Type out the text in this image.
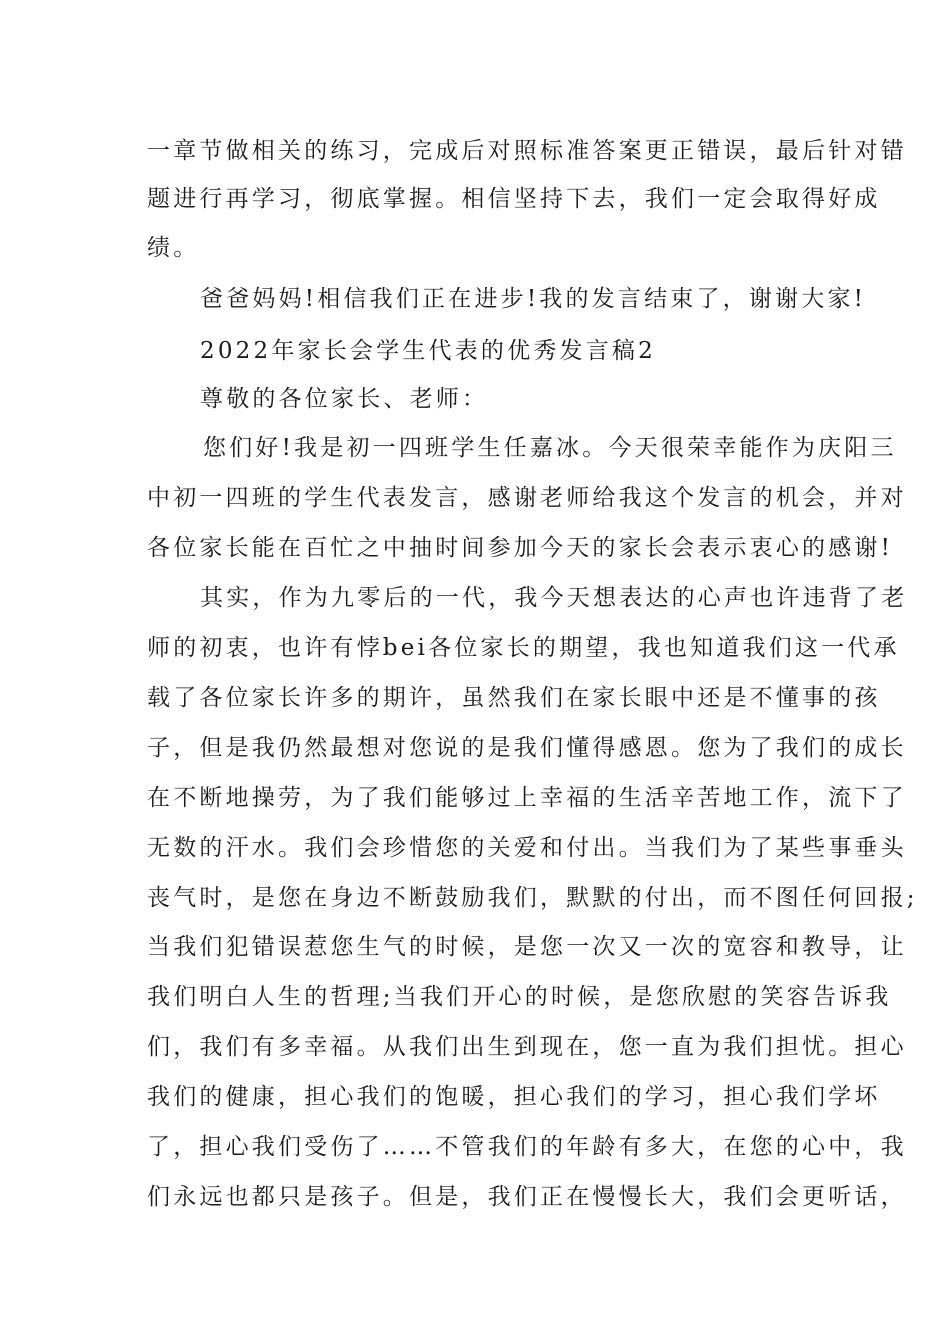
一章节做相关的练习，完成后对照标准答案更正错误，最后针对错
题进行再学习，彻底掌握。相信坚持下去，我们一定会取得好成
绩。
爸爸妈妈!相信我们正在进步!我的发言结束了，谢谢大家!
2022年家长会学生代表的优秀发言稿2
尊敬的各位家长、老师：
您们好!我是初一四班学生任嘉冰。今天很荣幸能作为庆阳三
中初一四班的学生代表发言，感谢老师给我这个发言的机会，并对
各位家长能在百忙之中抽时间参加今天的家长会表示衷心的感谢!
其实，作为九零后的一代，我今天想表达的心声也许违背了老
师的初衷，也许有悖bei各位家长的期望，我也知道我们这一代承
载了各位家长许多的期许，虽然我们在家长眼中还是不懂事的孩
子，但是我仍然最想对您说的是我们懂得感恩。您为了我们的成长
在不断地操劳，为了我们能够过上幸福的生活辛苦地工作，流下了
无数的汗水。我们会珍惜您的关爱和付出。当我们为了某些事垂头
丧气时，是您在身边不断鼓励我们，默默的付出，而不图任何回报;
当我们犯错误惹您生气的时候，是您一次又一次的宽容和教导，让
我们明白人生的哲理;当我们开心的时候，是您欣慰的笑容告诉我
们，我们有多幸福。从我们出生到现在，您一直为我们担忧。担心
我们的健康，担心我们的饱暖，担心我们的学习，担心我们学坏
了，担心我们受伤了……不管我们的年龄有多大，在您的心中，我
们永远也都只是孩子。但是，我们正在慢慢长大，我们会更听话，
